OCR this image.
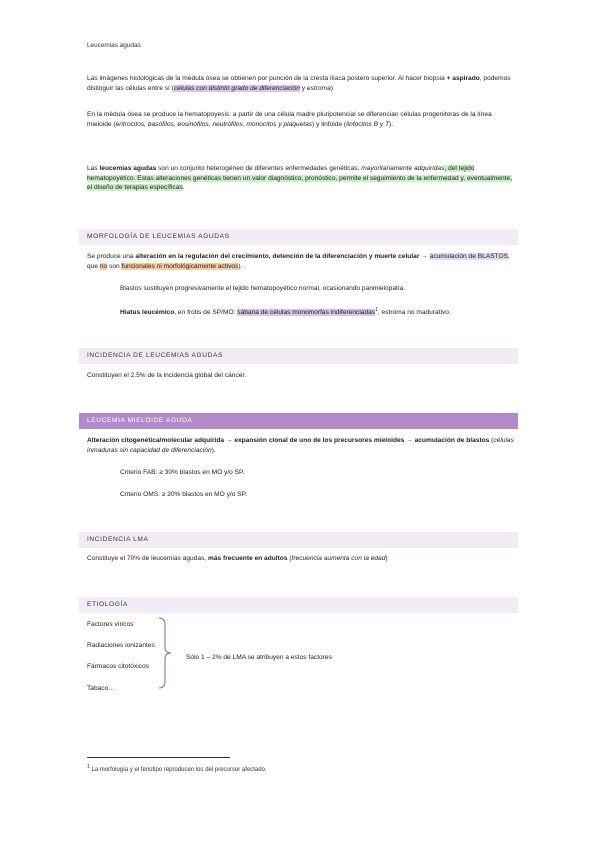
Leucemias agudas
Las imágenes histológicas de la médula ósea se obtienen por punción de la cresta ilíaca postero superior. Al hacer biopsia + aspirado, podemos distinguir las células entre sí (células con distinto grado de diferenciación y estroma)
En la médula ósea se produce la hematopoyesis: a partir de una célula madre pluripotencial se diferencian células progenitoras de la línea mieloide (eritrocitos, basófilos, eosinófilos, neutrófilos, monocitos y plaquetas) y linfoide (linfocitos B y T).
Las leucemias agudas son un conjunto heterogéneo de diferentes enfermedades genéticas, mayoritariamente adquiridas, del tejido hematopoyético. Estas alteraciones genéticas tienen un valor diagnóstico, pronóstico, permite el seguimiento de la enfermedad y, eventualmente, el diseño de terapias específicas.
MORFOLOGÍA DE LEUCEMIAS AGUDAS
Se produce una alteración en la regulación del crecimiento, detención de la diferenciación y muerte celular → acumulación de BLASTOS, que no son funcionales ni morfológicamente activos).
Blastos sustituyen progresivamente el tejido hematopoyético normal, ocasionando panmielopatía.
Hiatus leucémico, en frotis de SP/MO: sábana de células monomorfas indiferenciadas$^1$, estroma no madurativo.
INCIDENCIA DE LEUCEMIAS AGUDAS
Constituyen el 2.5% de la incidencia global del cáncer.
LEUCEMIA MIELOIDE AGUDA
Alteración citogenética/molecular adquirida → expansión clonal de uno de los precursores mieloides → acumulación de blastos (células inmaduras sin capacidad de diferenciación).
Criterio FAB: ≥ 30% blastos en MO y/o SP.
Criterio OMS: ≥ 20% blastos en MO y/o SP.
INCIDENCIA LMA
Constituye el 70% de leucemias agudas, más frecuente en adultos (frecuencia aumenta con la edad)
ETIOLOGÍA
Factores víricos
Radiaciones ionizantes
Fármacos citotóxicos
Tabaco…
Sólo 1 – 2% de LMA se atribuyen a estos factores
$^1$ La morfología y el fenotipo reproducen los del precursor afectado.
